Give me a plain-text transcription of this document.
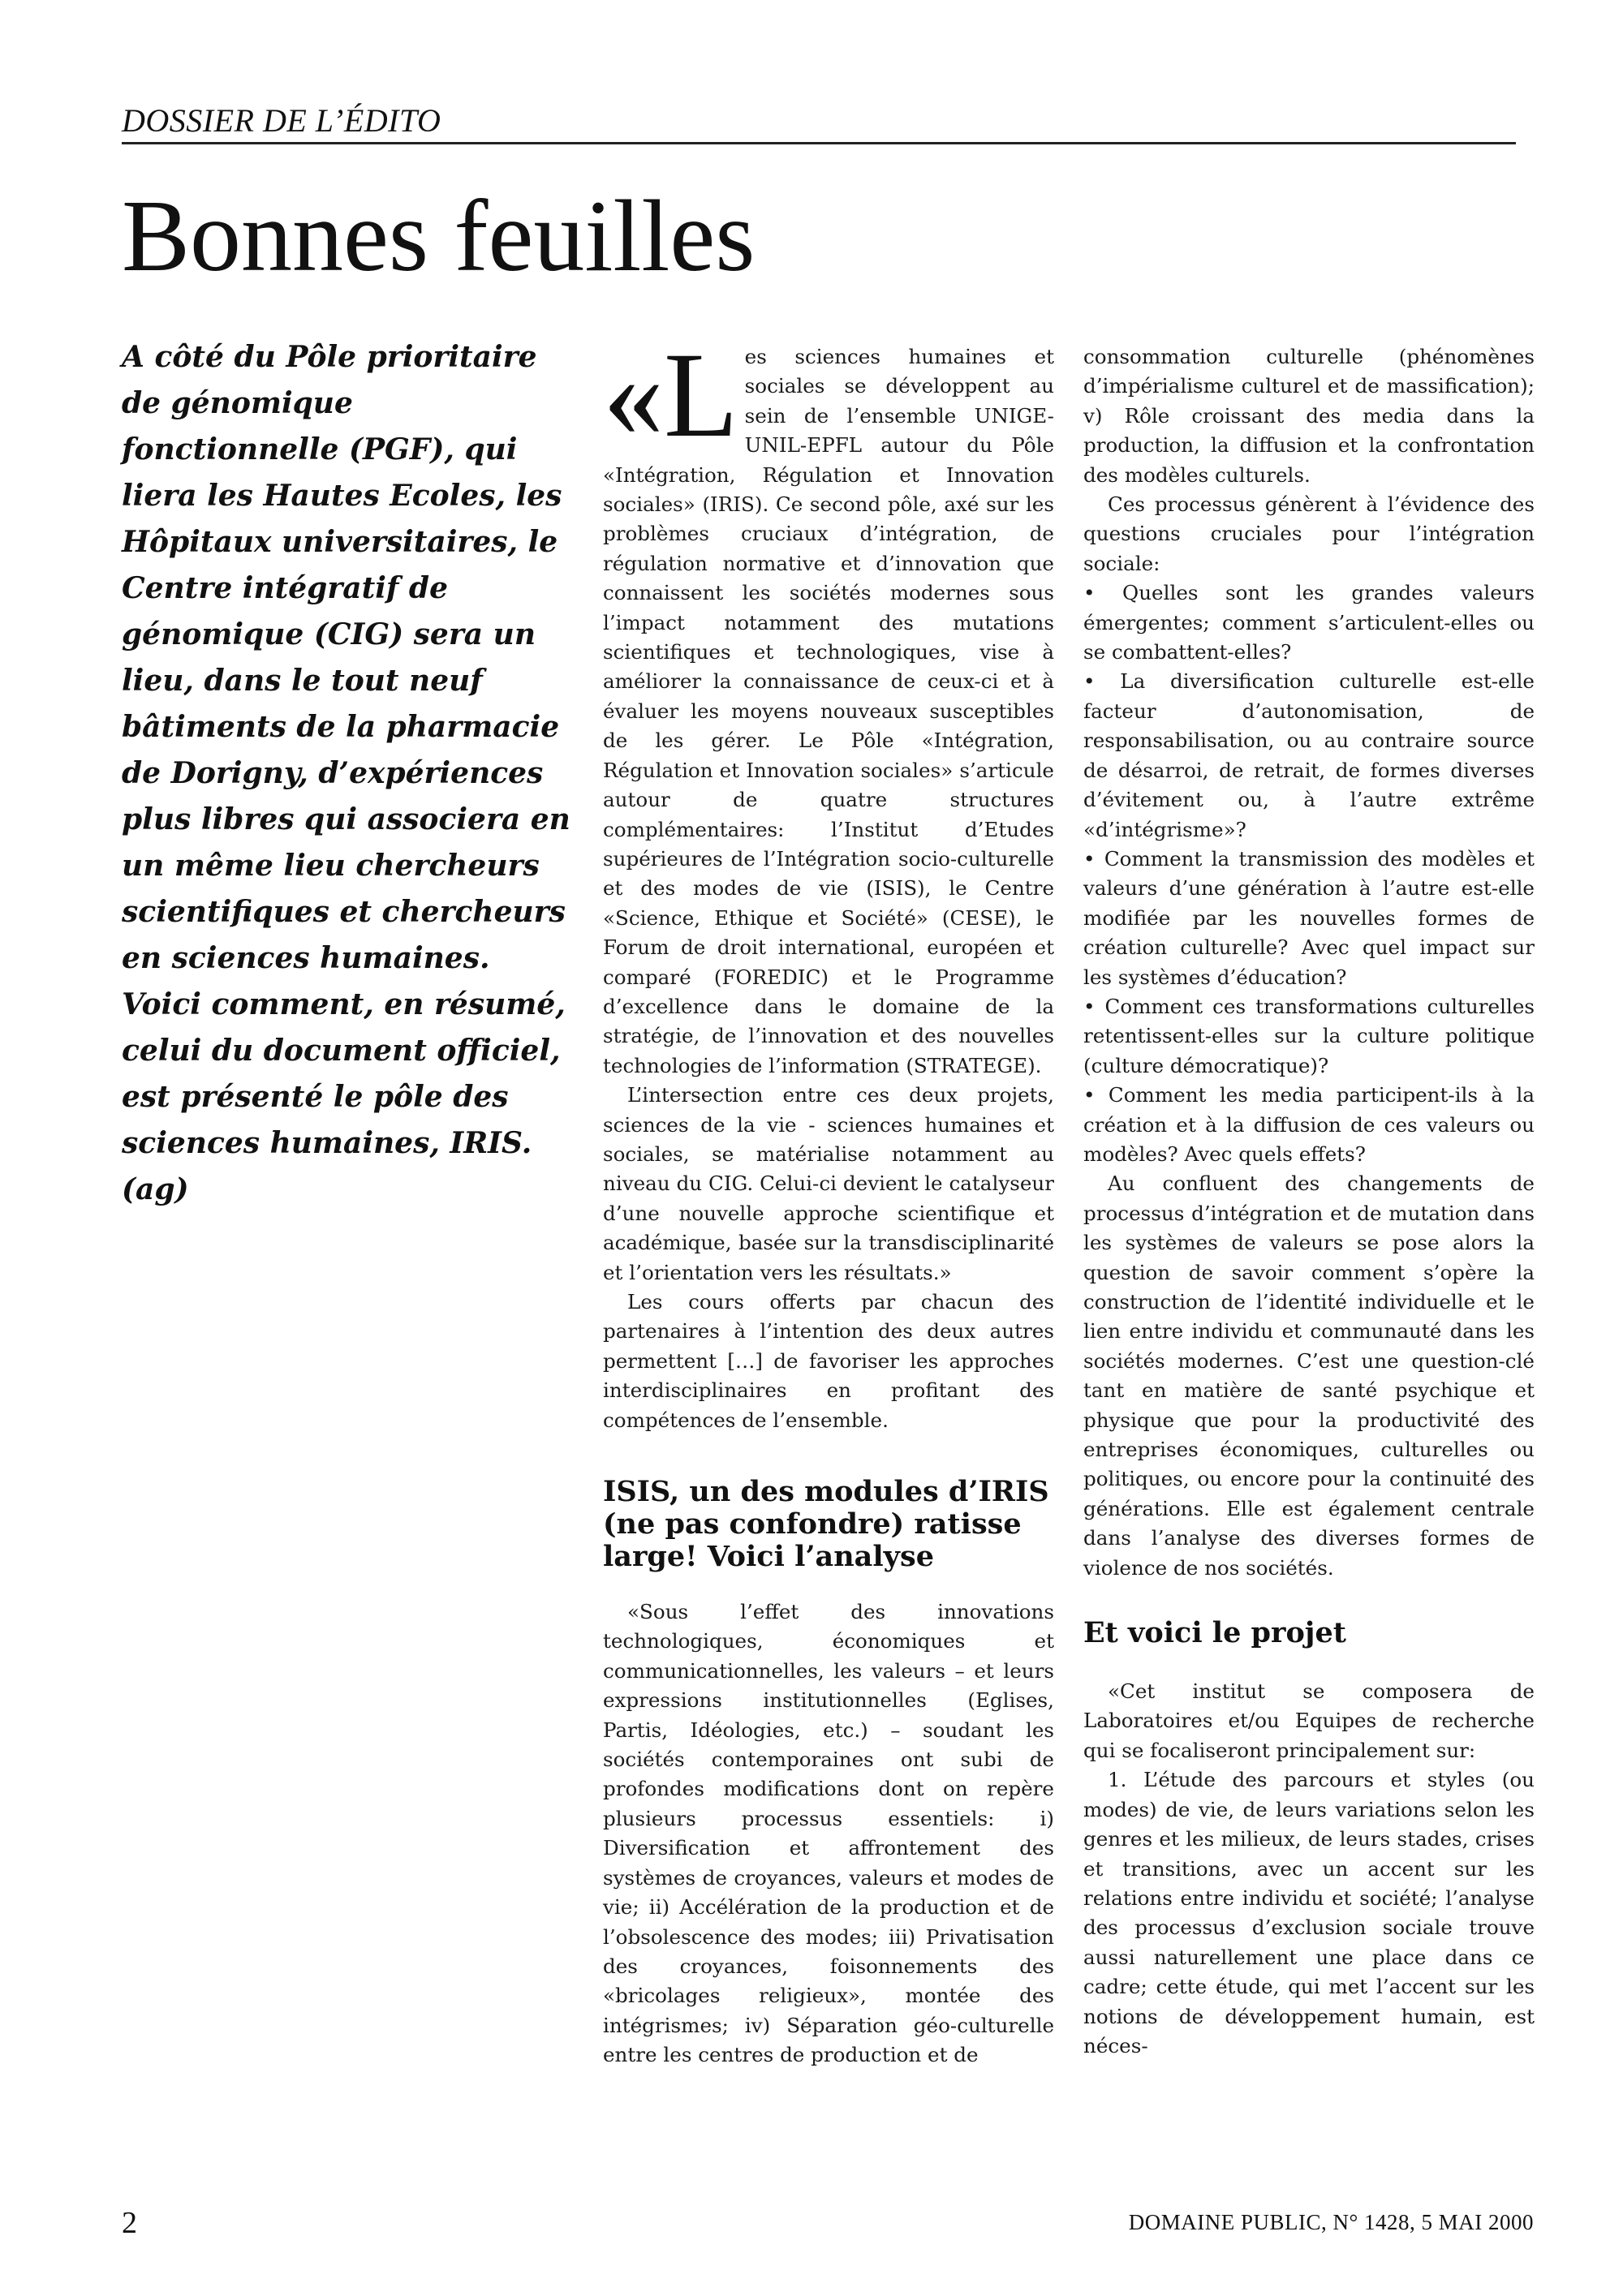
DOSSIER DE L’ÉDITO
Bonnes feuilles

A côté du Pôle prioritaire de génomique fonctionnelle (PGF), qui liera les Hautes Ecoles, les Hôpitaux universitaires, le Centre intégratif de génomique (CIG) sera un lieu, dans le tout neuf bâtiments de la pharmacie de Dorigny, d’expériences plus libres qui associera en un même lieu chercheurs scientifiques et chercheurs en sciences humaines.

Voici comment, en résumé, celui du document officiel, est présenté le pôle des sciences humaines, IRIS. (ag)

«Les sciences humaines et sociales se développent au sein de l’ensemble UNIGE-UNIL-EPFL autour du Pôle «Intégration, Régulation et Innovation sociales» (IRIS). Ce second pôle, axé sur les problèmes cruciaux d’intégration, de régulation normative et d’innovation que connaissent les sociétés modernes sous l’impact notamment des mutations scientifiques et technologiques, vise à améliorer la connaissance de ceux-ci et à évaluer les moyens nouveaux susceptibles de les gérer. Le Pôle «Intégration, Régulation et Innovation sociales» s’articule autour de quatre structures complémentaires: l’Institut d’Etudes supérieures de l’Intégration socio-culturelle et des modes de vie (ISIS), le Centre «Science, Ethique et Société» (CESE), le Forum de droit international, européen et comparé (FOREDIC) et le Programme d’excellence dans le domaine de la stratégie, de l’innovation et des nouvelles technologies de l’information (STRATEGE).

L’intersection entre ces deux projets, sciences de la vie - sciences humaines et sociales, se matérialise notamment au niveau du CIG. Celui-ci devient le catalyseur d’une nouvelle approche scientifique et académique, basée sur la transdisciplinarité et l’orientation vers les résultats.»

Les cours offerts par chacun des partenaires à l’intention des deux autres permettent […] de favoriser les approches interdisciplinaires en profitant des compétences de l’ensemble.

ISIS, un des modules d’IRIS (ne pas confondre) ratisse large! Voici l’analyse

«Sous l’effet des innovations technologiques, économiques et communicationnelles, les valeurs – et leurs expressions institutionnelles (Eglises, Partis, Idéologies, etc.) – soudant les sociétés contemporaines ont subi de profondes modifications dont on repère plusieurs processus essentiels: i) Diversification et affrontement des systèmes de croyances, valeurs et modes de vie; ii) Accélération de la production et de l’obsolescence des modes; iii) Privatisation des croyances, foisonnements des «bricolages religieux», montée des intégrismes; iv) Séparation géo-culturelle entre les centres de production et de

consommation culturelle (phénomènes d’impérialisme culturel et de massification); v) Rôle croissant des media dans la production, la diffusion et la confrontation des modèles culturels.

Ces processus génèrent à l’évidence des questions cruciales pour l’intégration sociale:

• Quelles sont les grandes valeurs émergentes; comment s’articulent-elles ou se combattent-elles?

• La diversification culturelle est-elle facteur d’autonomisation, de responsabilisation, ou au contraire source de désarroi, de retrait, de formes diverses d’évitement ou, à l’autre extrême «d’intégrisme»?

• Comment la transmission des modèles et valeurs d’une génération à l’autre est-elle modifiée par les nouvelles formes de création culturelle? Avec quel impact sur les systèmes d’éducation?

• Comment ces transformations culturelles retentissent-elles sur la culture politique (culture démocratique)?

• Comment les media participent-ils à la création et à la diffusion de ces valeurs ou modèles? Avec quels effets?

Au confluent des changements de processus d’intégration et de mutation dans les systèmes de valeurs se pose alors la question de savoir comment s’opère la construction de l’identité individuelle et le lien entre individu et communauté dans les sociétés modernes. C’est une question-clé tant en matière de santé psychique et physique que pour la productivité des entreprises économiques, culturelles ou politiques, ou encore pour la continuité des générations. Elle est également centrale dans l’analyse des diverses formes de violence de nos sociétés.

Et voici le projet

«Cet institut se composera de Laboratoires et/ou Equipes de recherche qui se focaliseront principalement sur:

1. L’étude des parcours et styles (ou modes) de vie, de leurs variations selon les genres et les milieux, de leurs stades, crises et transitions, avec un accent sur les relations entre individu et société; l’analyse des processus d’exclusion sociale trouve aussi naturellement une place dans ce cadre; cette étude, qui met l’accent sur les notions de développement humain, est néces-

2	DOMAINE PUBLIC, N° 1428, 5 MAI 2000
